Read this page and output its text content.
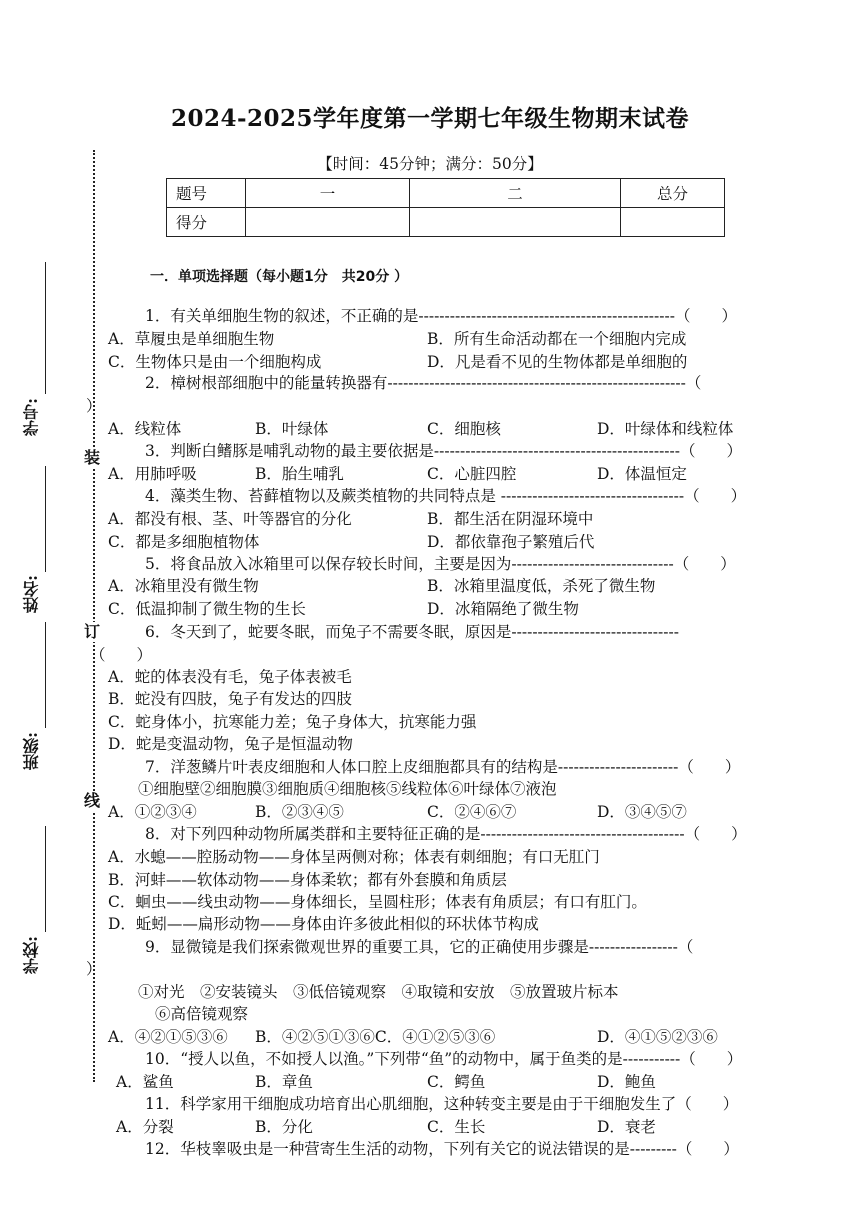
2024-2025学年度第一学期七年级生物期末试卷
【时间：45分钟；满分：50分】
题号	一	二	总分
得分			
装
订
线
学号:
姓名:
班级:
学校:
一．单项选择题（每小题1分　共20分 ）
1．有关单细胞生物的叙述，不正确的是-------------------------------------------------（　　）
A．草履虫是单细胞生物	B．所有生命活动都在一个细胞内完成
C．生物体只是由一个细胞构成	D．凡是看不见的生物体都是单细胞的
2．樟树根部细胞中的能量转换器有---------------------------------------------------------（
）
A．线粒体	B．叶绿体	C．细胞核	D．叶绿体和线粒体
3．判断白鳍豚是哺乳动物的最主要依据是-----------------------------------------------（　　）
A．用肺呼吸	B．胎生哺乳	C．心脏四腔	D．体温恒定
4．藻类生物、苔藓植物以及蕨类植物的共同特点是 -----------------------------------（　　）
A．都没有根、茎、叶等器官的分化	B．都生活在阴湿环境中
C．都是多细胞植物体	D．都依靠孢子繁殖后代
5．将食品放入冰箱里可以保存较长时间，主要是因为-------------------------------（　　）
A．冰箱里没有微生物	B．冰箱里温度低，杀死了微生物
C．低温抑制了微生物的生长	D．冰箱隔绝了微生物
6．冬天到了，蛇要冬眠，而兔子不需要冬眠，原因是--------------------------------
（　　）
A．蛇的体表没有毛，兔子体表被毛
B．蛇没有四肢，兔子有发达的四肢
C．蛇身体小，抗寒能力差；兔子身体大，抗寒能力强
D．蛇是变温动物，兔子是恒温动物
7．洋葱鳞片叶表皮细胞和人体口腔上皮细胞都具有的结构是-----------------------（　　）
①细胞壁②细胞膜③细胞质④细胞核⑤线粒体⑥叶绿体⑦液泡
A．①②③④	B．②③④⑤	C．②④⑥⑦	D．③④⑤⑦
8．对下列四种动物所属类群和主要特征正确的是---------------------------------------（　　）
A．水螅——腔肠动物——身体呈两侧对称；体表有刺细胞；有口无肛门
B．河蚌——软体动物——身体柔软；都有外套膜和角质层
C．蛔虫——线虫动物——身体细长，呈圆柱形；体表有角质层；有口有肛门。
D．蚯蚓——扁形动物——身体由许多彼此相似的环状体节构成
9．显微镜是我们探索微观世界的重要工具，它的正确使用步骤是-----------------（
）
①对光　②安装镜头　③低倍镜观察　④取镜和安放　⑤放置玻片标本
⑥高倍镜观察
A．④②①⑤③⑥ B．④②⑤①③⑥C．④①②⑤③⑥	D．④①⑤②③⑥
10．“授人以鱼，不如授人以渔。”下列带“鱼”的动物中，属于鱼类的是-----------（　　）
A．鲨鱼	B．章鱼	C．鳄鱼	D．鲍鱼
11．科学家用干细胞成功培育出心肌细胞，这种转变主要是由于干细胞发生了（　　）
A．分裂	B．分化	C．生长	D．衰老
12．华枝睾吸虫是一种营寄生生活的动物，下列有关它的说法错误的是---------（　　）
